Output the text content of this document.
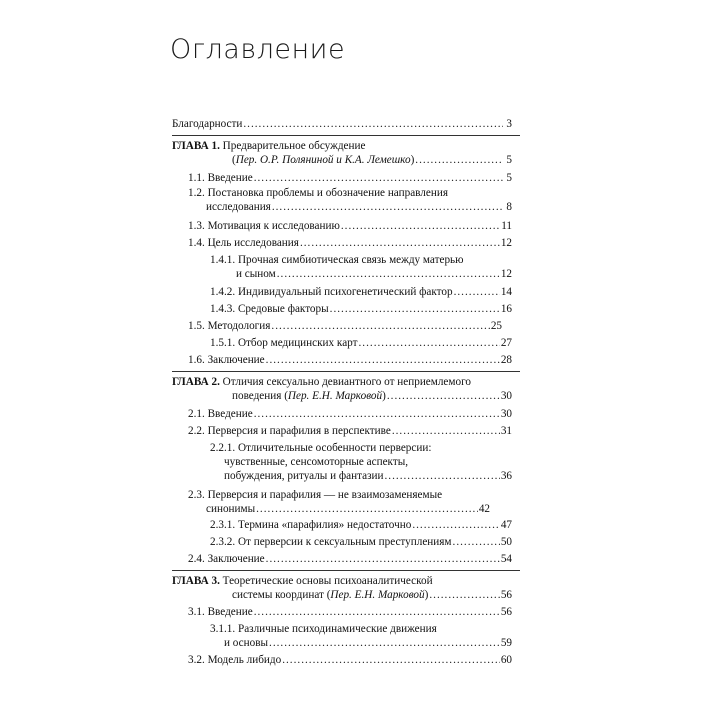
Оглавление
Благодарности .....	3
ГЛАВА 1. Предварительное обсуждение
(Пер. О.Р. Поляниной и К.А. Лемешко) .....	5
1.1. Введение .....	5
1.2. Постановка проблемы и обозначение направления
исследования .....	8
1.3. Мотивация к исследованию .....	11
1.4. Цель исследования .....	12
1.4.1. Прочная симбиотическая связь между матерью
и сыном .....	12
1.4.2. Индивидуальный психогенетический фактор .....	14
1.4.3. Средовые факторы .....	16
1.5. Методология .....	25
1.5.1. Отбор медицинских карт .....	27
1.6. Заключение .....	28
ГЛАВА 2. Отличия сексуально девиантного от неприемлемого
поведения (Пер. Е.Н. Марковой) .....	30
2.1. Введение .....	30
2.2. Перверсия и парафилия в перспективе .....	31
2.2.1. Отличительные особенности перверсии:
чувственные, сенсомоторные аспекты,
побуждения, ритуалы и фантазии .....	36
2.3. Перверсия и парафилия — не взаимозаменяемые
синонимы .....	42
2.3.1. Термина «парафилия» недостаточно .....	47
2.3.2. От перверсии к сексуальным преступлениям .....	50
2.4. Заключение .....	54
ГЛАВА 3. Теоретические основы психоаналитической
системы координат (Пер. Е.Н. Марковой) .....	56
3.1. Введение .....	56
3.1.1. Различные психодинамические движения
и основы .....	59
3.2. Модель либидо .....	60
